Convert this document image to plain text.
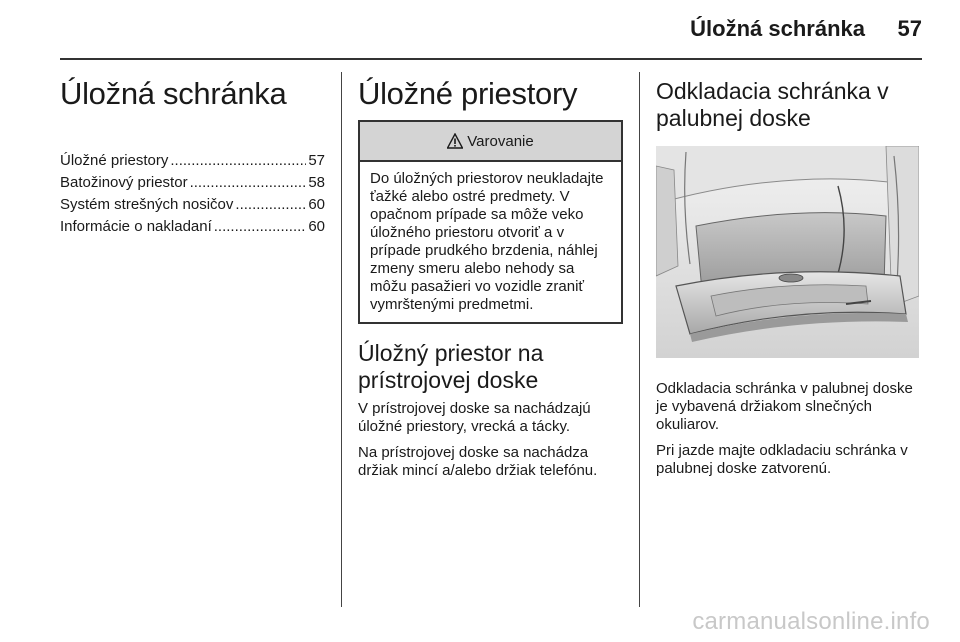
Úložná schránka 57
Úložná schránka
Úložné priestory .....	57
Batožinový priestor .....	58
Systém strešných nosičov .....	60
Informácie o nakladaní .....	60
Úložné priestory
Varovanie
Do úložných priestorov neukladajte ťažké alebo ostré predmety. V opačnom prípade sa môže veko úložného priestoru otvoriť a v prípade prudkého brzdenia, náhlej zmeny smeru alebo nehody sa môžu pasažieri vo vozidle zraniť vymrštenými predmetmi.
Úložný priestor na prístrojovej doske

V prístrojovej doske sa nachádzajú úložné priestory, vrecká a tácky.

Na prístrojovej doske sa nachádza držiak mincí a/alebo držiak telefónu.

Odkladacia schránka v palubnej doske

Odkladacia schránka v palubnej doske je vybavená držiakom slnečných okuliarov.

Pri jazde majte odkladaciu schránka v palubnej doske zatvorenú.

carmanualsonline.info
